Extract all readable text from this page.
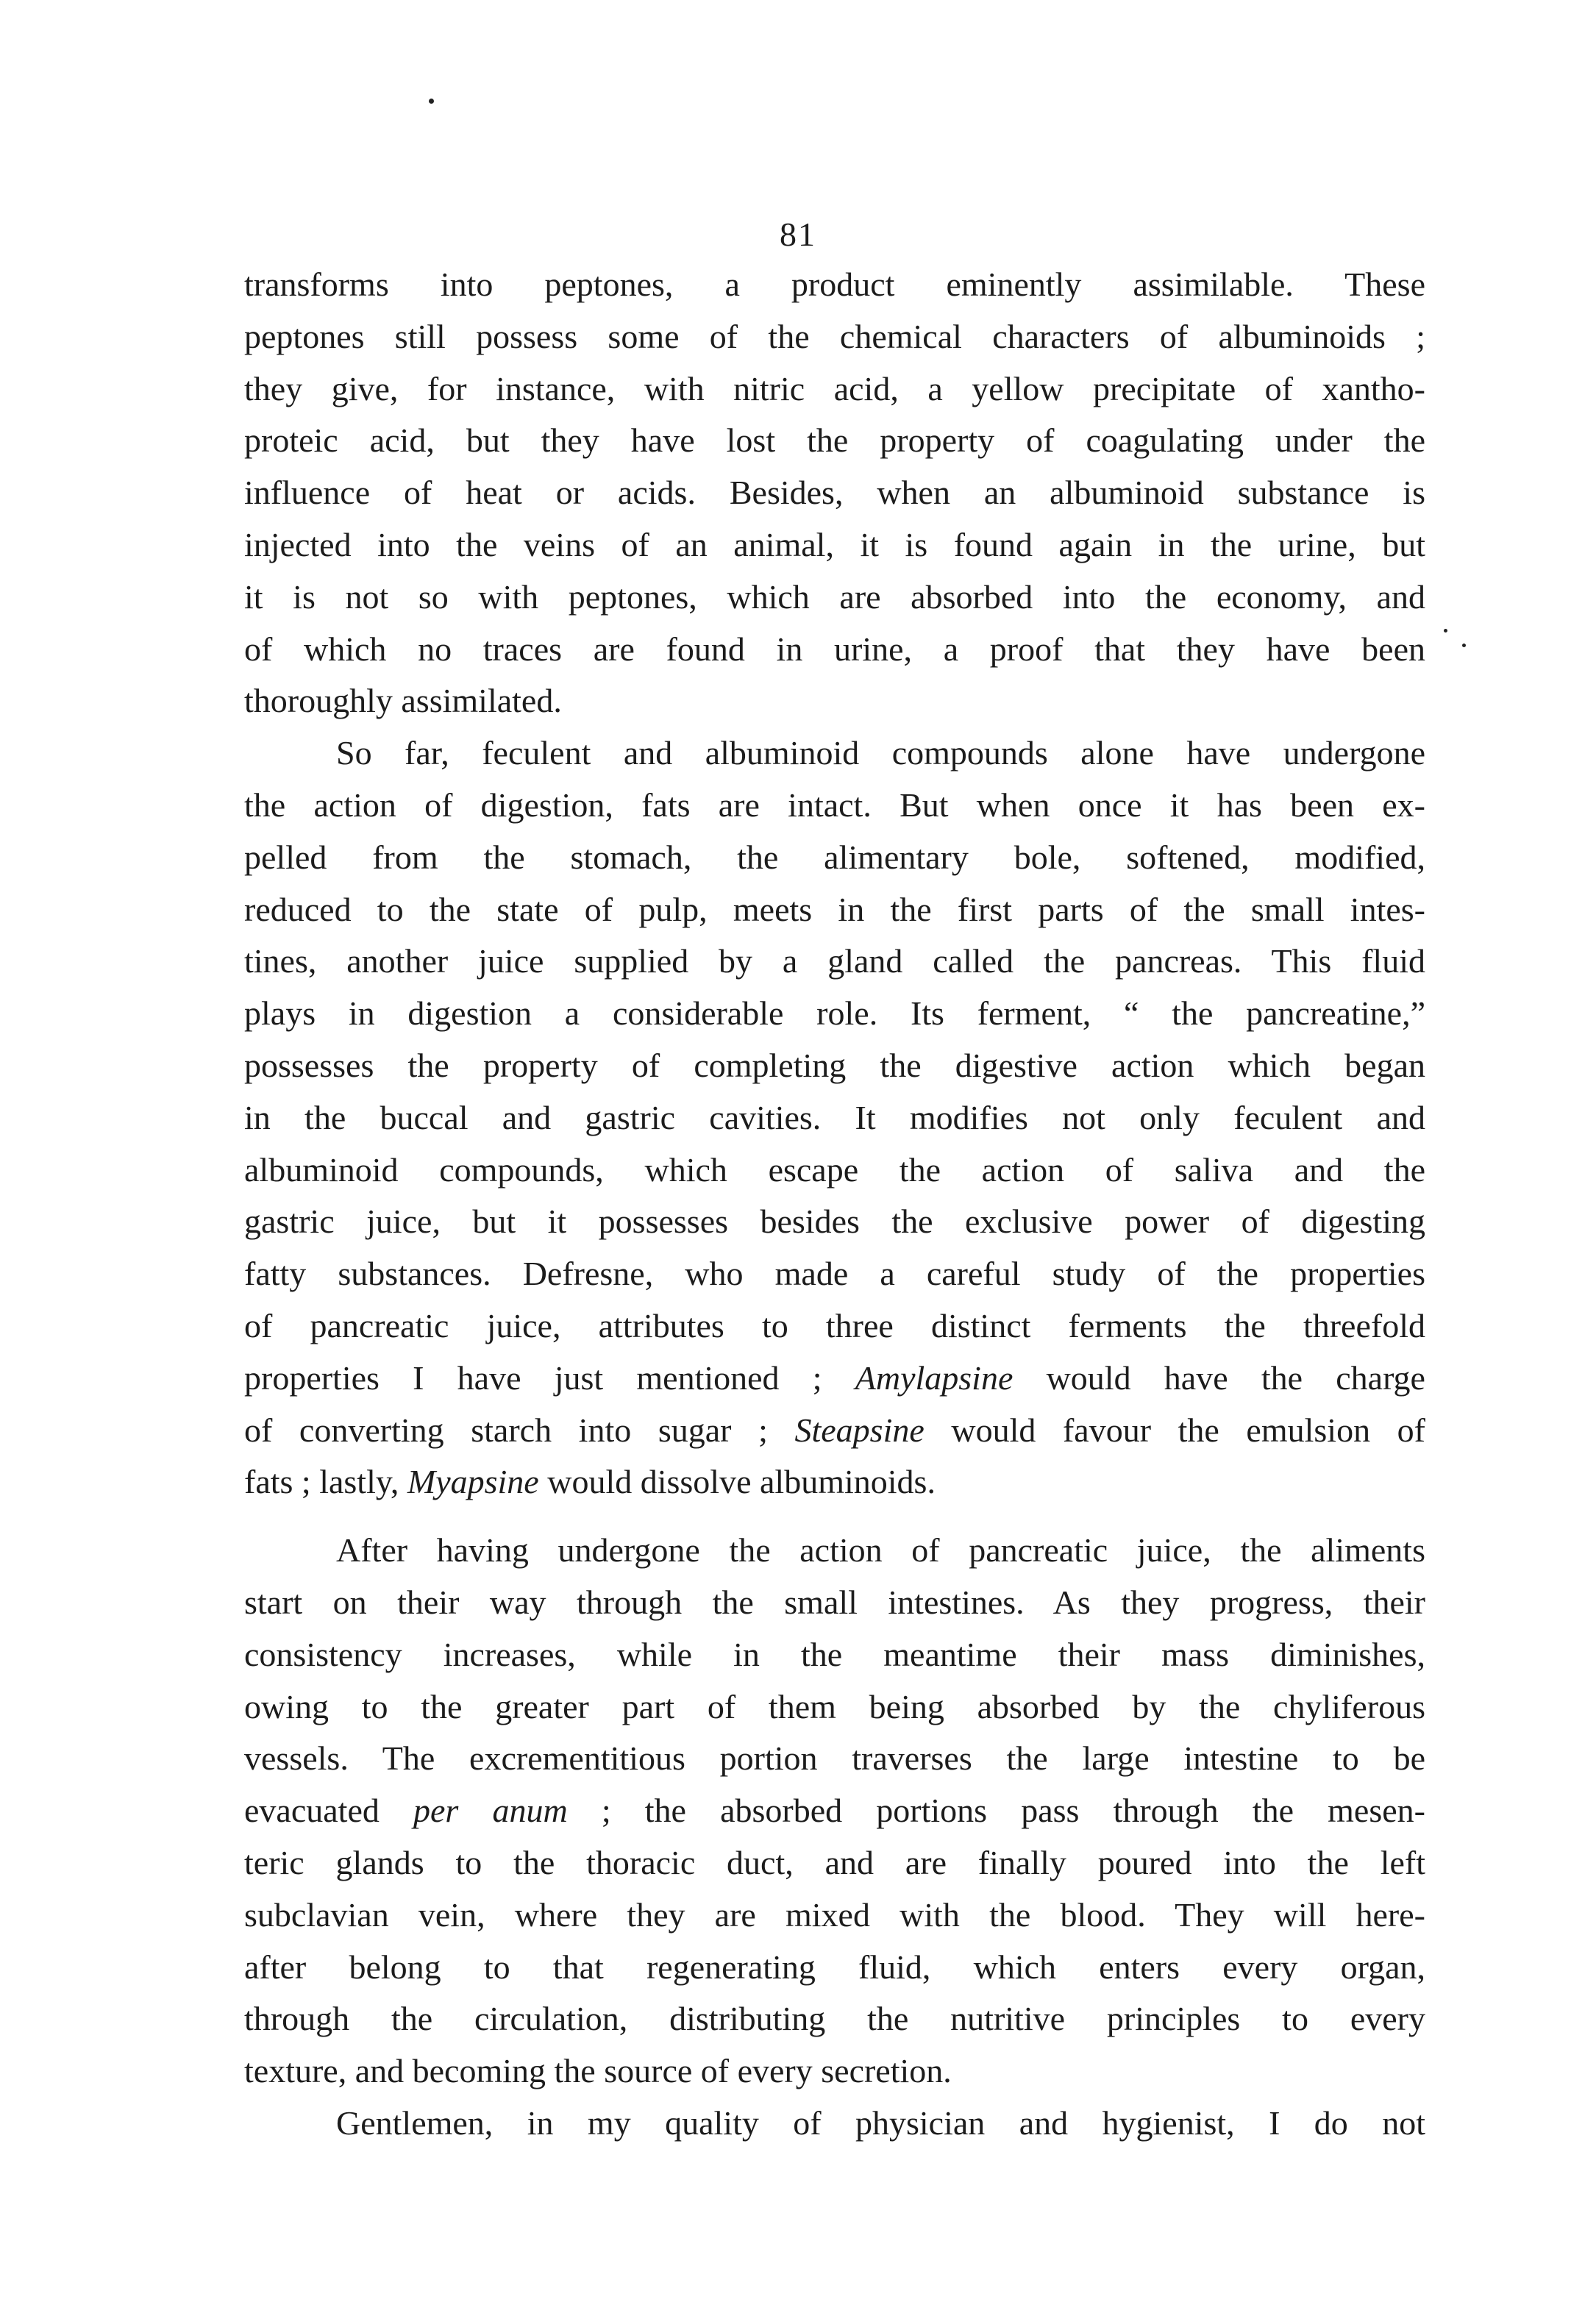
81
transforms into peptones, a product eminently assimilable. These
peptones still possess some of the chemical characters of albuminoids ;
they give, for instance, with nitric acid, a yellow precipitate of xantho-
proteic acid, but they have lost the property of coagulating under the
influence of heat or acids. Besides, when an albuminoid substance is
injected into the veins of an animal, it is found again in the urine, but
it is not so with peptones, which are absorbed into the economy, and
of which no traces are found in urine, a proof that they have been
thoroughly assimilated.
So far, feculent and albuminoid compounds alone have undergone
the action of digestion, fats are intact. But when once it has been ex-
pelled from the stomach, the alimentary bole, softened, modified,
reduced to the state of pulp, meets in the first parts of the small intes-
tines, another juice supplied by a gland called the pancreas. This fluid
plays in digestion a considerable role. Its ferment, “ the pancreatine,”
possesses the property of completing the digestive action which began
in the buccal and gastric cavities. It modifies not only feculent and
albuminoid compounds, which escape the action of saliva and the
gastric juice, but it possesses besides the exclusive power of digesting
fatty substances. Defresne, who made a careful study of the properties
of pancreatic juice, attributes to three distinct ferments the threefold
properties I have just mentioned ; Amylapsine would have the charge
of converting starch into sugar ; Steapsine would favour the emulsion of
fats ; lastly, Myapsine would dissolve albuminoids.
After having undergone the action of pancreatic juice, the aliments
start on their way through the small intestines. As they progress, their
consistency increases, while in the meantime their mass diminishes,
owing to the greater part of them being absorbed by the chyliferous
vessels. The excrementitious portion traverses the large intestine to be
evacuated per anum ; the absorbed portions pass through the mesen-
teric glands to the thoracic duct, and are finally poured into the left
subclavian vein, where they are mixed with the blood. They will here-
after belong to that regenerating fluid, which enters every organ,
through the circulation, distributing the nutritive principles to every
texture, and becoming the source of every secretion.
Gentlemen, in my quality of physician and hygienist, I do not
